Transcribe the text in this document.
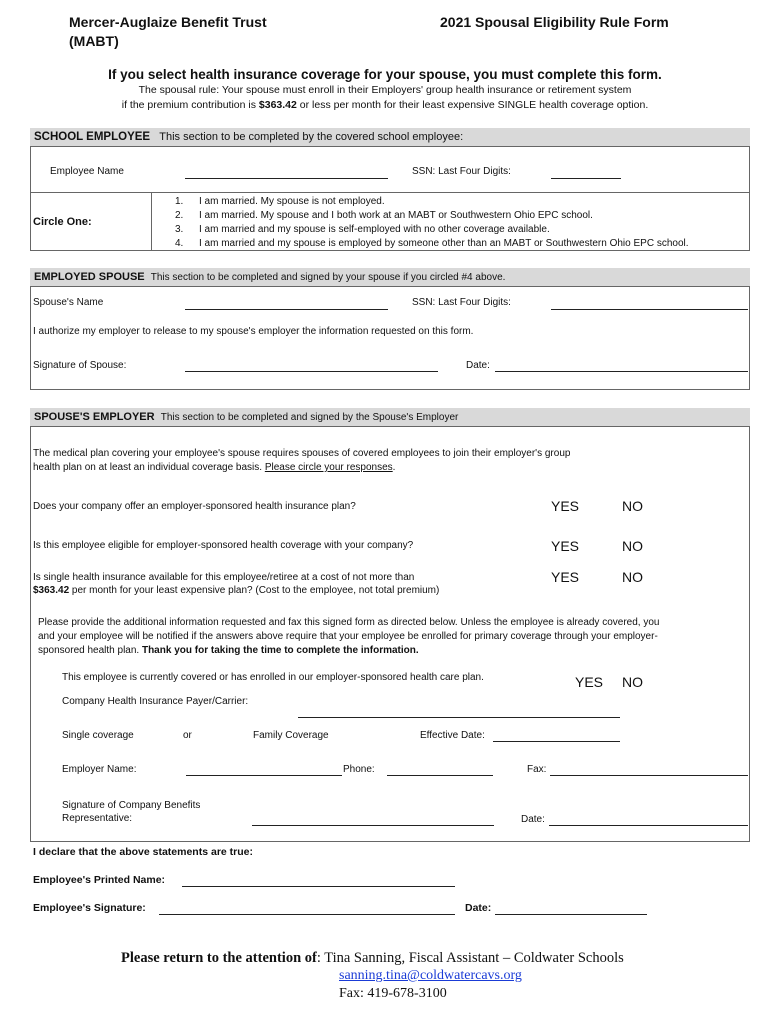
Mercer-Auglaize Benefit Trust
(MABT)
2021 Spousal Eligibility Rule Form
If you select health insurance coverage for your spouse, you must complete this form.
The spousal rule: Your spouse must enroll in their Employers' group health insurance or retirement system
if the premium contribution is $363.42 or less per month for their least expensive SINGLE health coverage option.
SCHOOL EMPLOYEE This section to be completed by the covered school employee:
Employee Name	SSN: Last Four Digits:
Circle One:
1. I am married. My spouse is not employed.
2. I am married. My spouse and I both work at an MABT or Southwestern Ohio EPC school.
3. I am married and my spouse is self-employed with no other coverage available.
4. I am married and my spouse is employed by someone other than an MABT or Southwestern Ohio EPC school.
EMPLOYED SPOUSE This section to be completed and signed by your spouse if you circled #4 above.
Spouse's Name	SSN: Last Four Digits:
I authorize my employer to release to my spouse's employer the information requested on this form.
Signature of Spouse:	Date:
SPOUSE'S EMPLOYER This section to be completed and signed by the Spouse's Employer
The medical plan covering your employee's spouse requires spouses of covered employees to join their employer's group
health plan on at least an individual coverage basis. Please circle your responses.
Does your company offer an employer-sponsored health insurance plan?	YES	NO
Is this employee eligible for employer-sponsored health coverage with your company?	YES	NO
Is single health insurance available for this employee/retiree at a cost of not more than
$363.42 per month for your least expensive plan? (Cost to the employee, not total premium)
YES	NO
Please provide the additional information requested and fax this signed form as directed below. Unless the employee is already covered, you
and your employee will be notified if the answers above require that your employee be enrolled for primary coverage through your employer-
sponsored health plan. Thank you for taking the time to complete the information.
This employee is currently covered or has enrolled in our employer-sponsored health care plan.	YES NO
Company Health Insurance Payer/Carrier:
Single coverage	or	Family Coverage	Effective Date:
Employer Name:	Phone:	Fax:
Signature of Company Benefits
Representative:	Date:
I declare that the above statements are true:
Employee's Printed Name:
Employee's Signature:	Date:
Please return to the attention of: Tina Sanning, Fiscal Assistant – Coldwater Schools
sanning.tina@coldwatercavs.org
Fax: 419-678-3100
